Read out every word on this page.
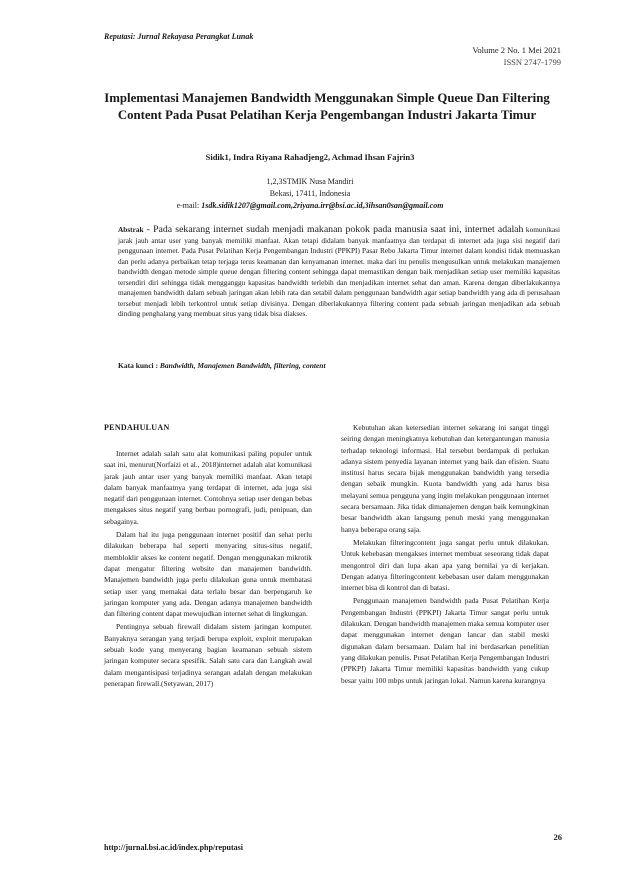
Reputasi: Jurnal Rekayasa Perangkat Lunak
Volume 2 No. 1 Mei 2021
ISSN 2747-1799
Implementasi Manajemen Bandwidth Menggunakan Simple Queue Dan Filtering Content Pada Pusat Pelatihan Kerja Pengembangan Industri Jakarta Timur
Sidik1, Indra Riyana Rahadjeng2, Achmad Ihsan Fajrin3
1,2,3STMIK Nusa Mandiri
Bekasi, 17411, Indonesia
e-mail: 1sdk.sidik1207@gmail.com,2riyana.irr@bsi.ac.id,3ihsan0san@gmail.com
Abstrak - Pada sekarang internet sudah menjadi makanan pokok pada manusia saat ini, internet adalah komunikasi jarak jauh antar user yang banyak memiliki manfaat. Akan tetapi didalam banyak manfaatnya dan terdapat di internet ada juga sisi negatif dari penggunaan internet. Pada Pusat Pelatihan Kerja Pengembangan Industri (PPKPI) Pasar Rebo Jakarta Timur internet dalam kondisi tidak memuaskan dan perlu adanya perbaikan tetap terjaga terus keamanan dan kenyamanan internet. maka dari itu penulis mengusulkan untuk melakukan manajemen bandwidth dengan metode simple queue dengan filtering content sehingga dapat memastikan dengan baik menjadikan setiap user memiliki kapasitas tersendiri diri sehingga tidak mengganggu kapasitas bandwidth terlebih dan menjadikan internet sehat dan aman. Karena dengan diberlakukannya manajemen bandwidth dalam sebuah jaringan akan lebih rata dan setabil dalam penggunaan bandwidth agar setiap bandwidth yang ada di perusahaan tersebut menjadi lebih terkontrol untuk setiap divisinya. Dengan diberlakukannya filtering content pada sebuah jaringan menjadikan ada sebuah dinding penghalang yang membuat situs yang tidak bisa diakses.
Kata kunci : Bandwidth, Manajemen Bandwidth, filtering, content
PENDAHULUAN

Internet adalah salah satu alat komunikasi paling populer untuk saat ini, menurut(Norfaizi et al., 2018)internet adalah alat komunikasi jarak jauh antar user yang banyak memiliki manfaat. Akan tetapi dalam banyak manfaatnya yang terdapat di internet, ada juga sisi negatif dari penggunaan internet. Contohnya setiap user dengan bebas mengakses situs negatif yang berbau pornografi, judi, penipuan, dan sebagainya.

Dalam hal itu juga penggunaan internet positif dan sehat perlu dilakukan beberapa hal seperti menyaring situs-situs negatif, membloklir akses ke content negatif. Dengan menggunakan mikrotik dapat mengatur filtering website dan manajemen bandwidth. Manajemen bandwidth juga perlu dilakukan guna untuk membatasi setiap user yang memakai data terlalu besar dan berpengaruh ke jaringan komputer yang ada. Dengan adanya manajemen bandwidth dan filtering content dapat mewujudkan internet sehat di lingkungan.

Pentingnya sebuah firewall didalam sistem jaringan komputer. Banyaknya serangan yang terjadi berupa exploit, exploit merupakan sebuah kode yang menyerang bagian keamanan sebuah sistem jaringan komputer secara spesifik. Salah satu cara dan Langkah awal dalam mengantisipasi terjadinya serangan adalah dengan melakukan penerapan firewall.(Setyawan, 2017)

Kebutuhan akan ketersedian internet sekarang ini sangat tinggi seiring dengan meningkatnya kebutuhan dan ketergantungan manusia terhadap teknologi informasi. Hal tersebut berdampak di perlukan adanya sistem penyedia layanan internet yang baik dan efisien. Suatu institusi harus secara bijak menggunakan bandwidth yang tersedia dengan sebaik mungkin. Kuota bandwidth yang ada harus bisa melayani semua pengguna yang ingin melakukan penggunaan internet secara bersamaan. Jika tidak dimanajemen dengan baik kemungkinan besar bandwidth akan langsung penuh meski yang menggunakan hanya beberapa orang saja.

Melakukan filteringcontent juga sangat perlu untuk dilakukan. Untuk kebebasan mengakses internet membuat seseorang tidak dapat mengontrol diri dan lupa akan apa yang bernilai ya di kerjakan. Dengan adanya filteringcontent kebebasan user dalam menggunakan internet bisa di kontrol dan di batasi.

Penggunaan manajemen bandwidth pada Pusat Pelatihan Kerja Pengembangan Industri (PPKPI) Jakarta Timur sangat perlu untuk dilakukan. Dengan bandwidth manajemen maka semua komputer user dapat menggunakan internet dengan lancar dan stabil meski digunakan dalam bersamaan. Dalam hal ini berdasarkan penelitian yang dilakukan penulis. Pusat Pelatihan Kerja Pengembangan Industri (PPKPI) Jakarta Timur memiliki kapasitas bandwidth yang cukup besar yaitu 100 mbps untuk jaringan lokal. Namun karena kurangnya

26
http://jurnal.bsi.ac.id/index.php/reputasi
